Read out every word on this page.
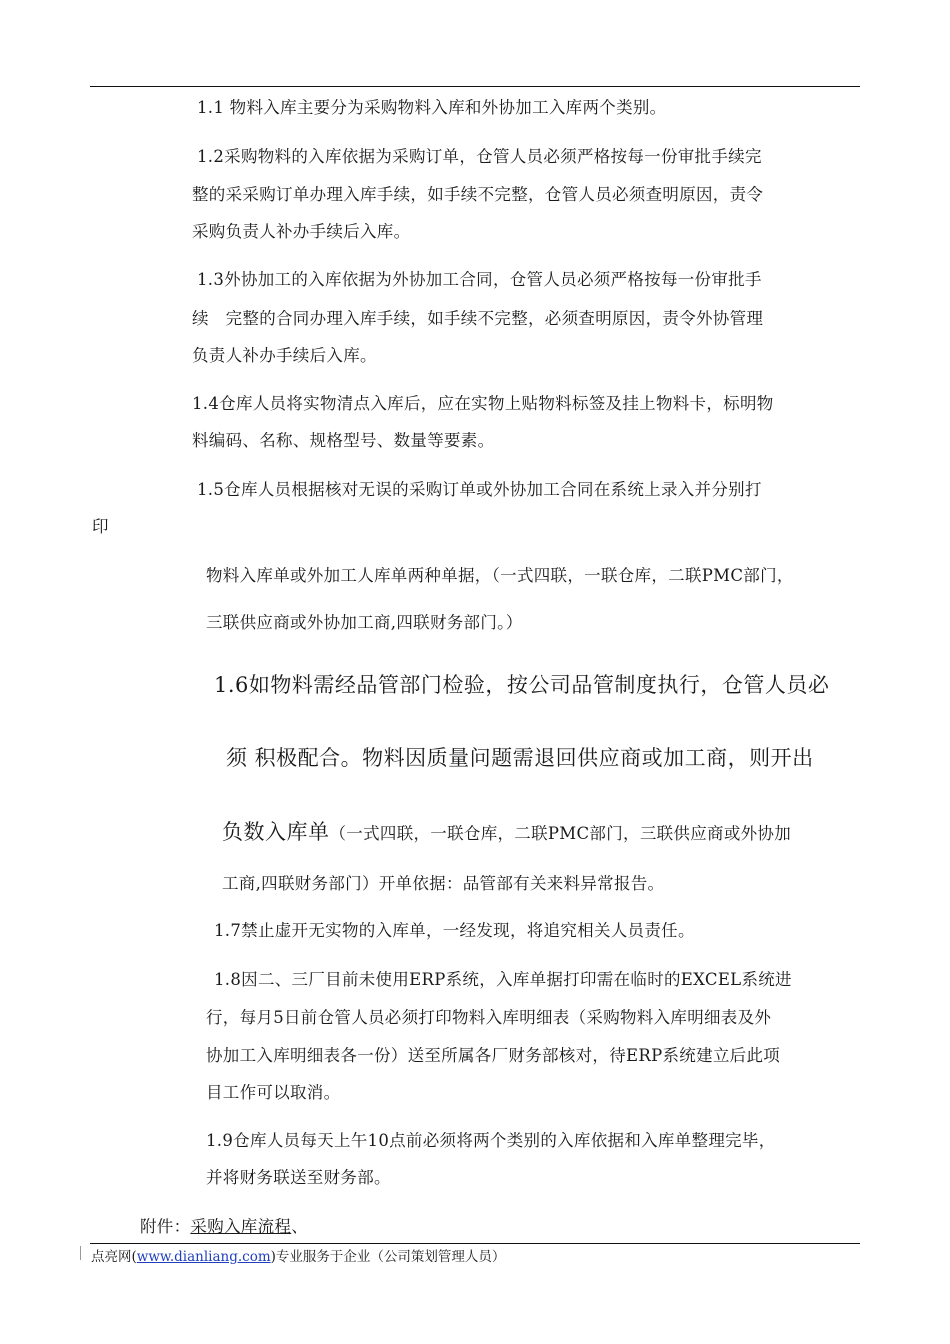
1.1 物料入库主要分为采购物料入库和外协加工入库两个类别。
1.2采购物料的入库依据为采购订单，仓管人员必须严格按每一份审批手续完
整的采采购订单办理入库手续，如手续不完整，仓管人员必须查明原因，责令
采购负责人补办手续后入库。
1.3外协加工的入库依据为外协加工合同，仓管人员必须严格按每一份审批手
续　完整的合同办理入库手续，如手续不完整，必须查明原因，责令外协管理
负责人补办手续后入库。
1.4仓库人员将实物清点入库后，应在实物上贴物料标签及挂上物料卡，标明物
料编码、名称、规格型号、数量等要素。
1.5仓库人员根据核对无误的采购订单或外协加工合同在系统上录入并分别打
印
物料入库单或外加工人库单两种单据，（一式四联，一联仓库，二联PMC部门，
三联供应商或外协加工商,四联财务部门。）
1.6如物料需经品管部门检验，按公司品管制度执行，仓管人员必
须 积极配合。物料因质量问题需退回供应商或加工商，则开出
负数入库单（一式四联，一联仓库，二联PMC部门，三联供应商或外协加
工商,四联财务部门）开单依据：品管部有关来料异常报告。
1.7禁止虚开无实物的入库单，一经发现，将追究相关人员责任。
1.8因二、三厂目前未使用ERP系统，入库单据打印需在临时的EXCEL系统进
行，每月5日前仓管人员必须打印物料入库明细表（采购物料入库明细表及外
协加工入库明细表各一份）送至所属各厂财务部核对，待ERP系统建立后此项
目工作可以取消。
1.9仓库人员每天上午10点前必须将两个类别的入库依据和入库单整理完毕，
并将财务联送至财务部。
附件：采购入库流程、
点亮网(www.dianliang.com)专业服务于企业（公司策划管理人员）
